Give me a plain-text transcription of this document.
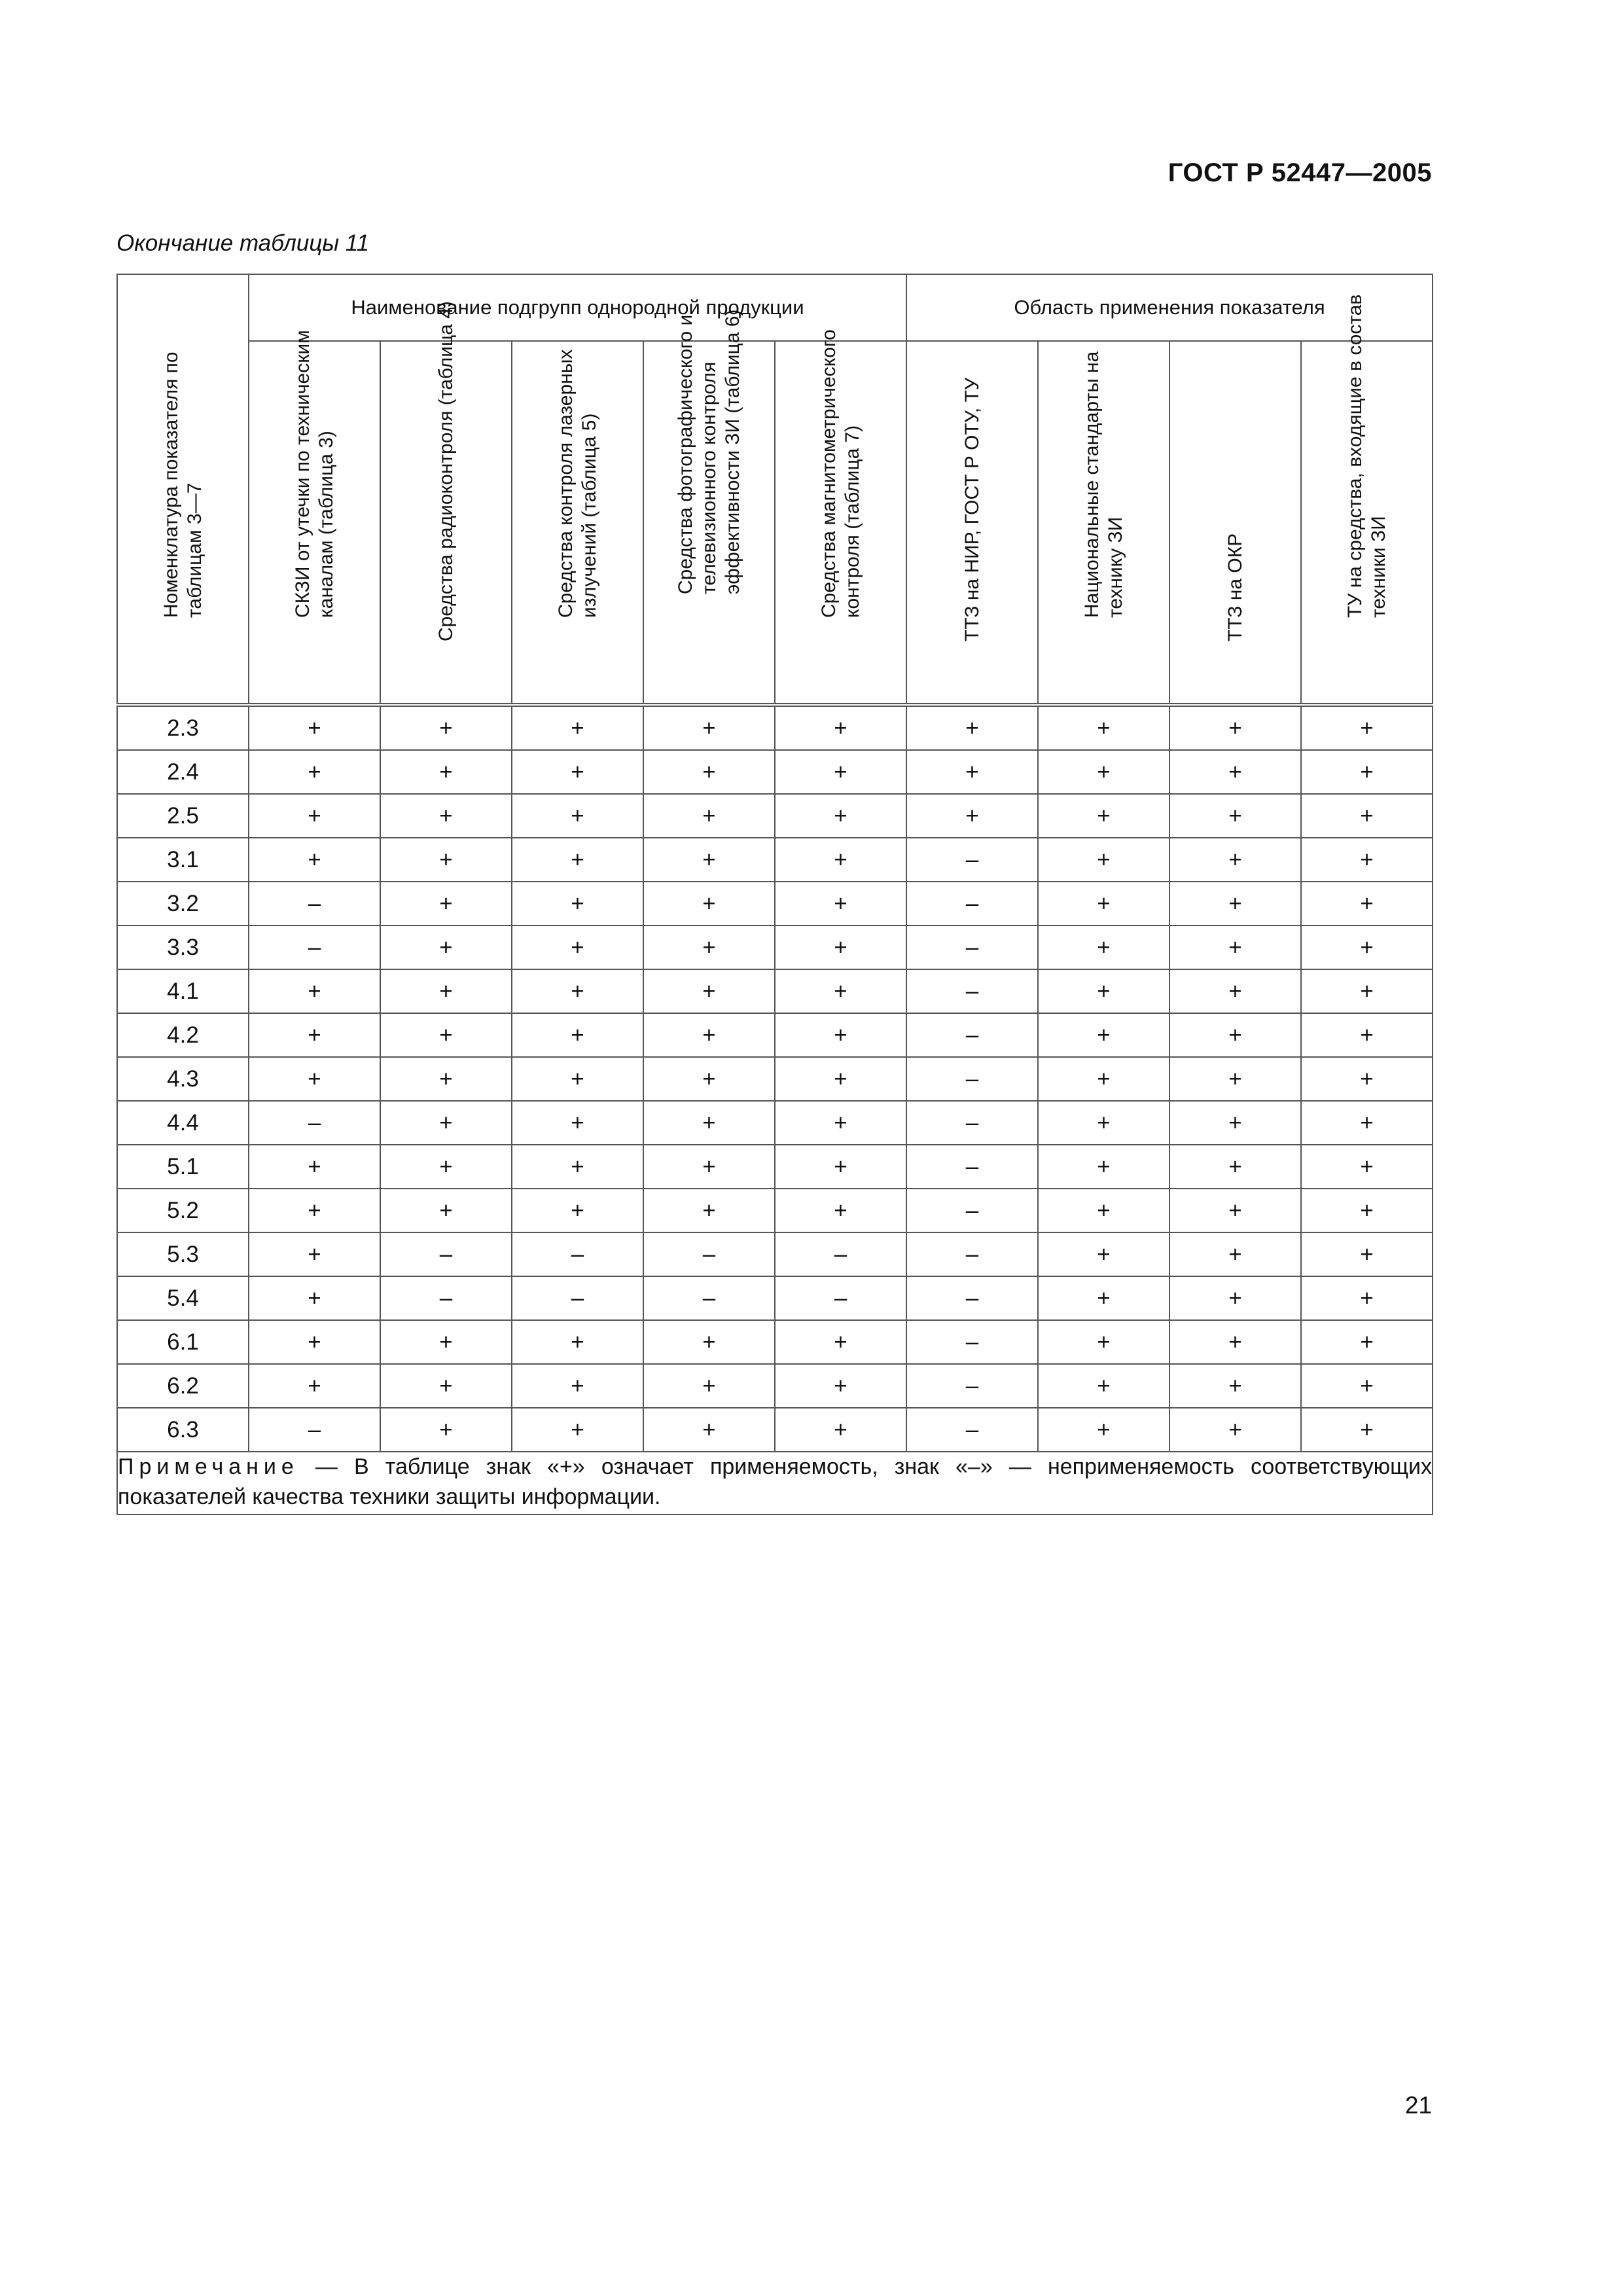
ГОСТ Р 52447—2005
Окончание таблицы 11
Номенклатура показателя по таблицам 3—7	Наименование подгрупп однородной продукции					Область применения показателя			

	СКЗИ от утечки по техническим каналам (таблица 3)	Средства радиоконтроля (таблица 4)	Средства контроля лазерных излучений (таблица 5)	Средства фотографического и телевизионного контроля эффективности ЗИ (таблица 6)	Средства магнитометрического контроля (таблица 7)	ТТЗ на НИР, ГОСТ Р ОТУ, ТУ	Национальные стандарты на технику ЗИ	ТТЗ на ОКР	ТУ на средства, входящие в состав техники ЗИ

2.3	+	+	+	+	+	+	+	+	+
2.4	+	+	+	+	+	+	+	+	+
2.5	+	+	+	+	+	+	+	+	+
3.1	+	+	+	+	+	–	+	+	+
3.2	–	+	+	+	+	–	+	+	+
3.3	–	+	+	+	+	–	+	+	+
4.1	+	+	+	+	+	–	+	+	+
4.2	+	+	+	+	+	–	+	+	+
4.3	+	+	+	+	+	–	+	+	+
4.4	–	+	+	+	+	–	+	+	+
5.1	+	+	+	+	+	–	+	+	+
5.2	+	+	+	+	+	–	+	+	+
5.3	+	–	–	–	–	–	+	+	+
5.4	+	–	–	–	–	–	+	+	+
6.1	+	+	+	+	+	–	+	+	+
6.2	+	+	+	+	+	–	+	+	+
6.3	–	+	+	+	+	–	+	+	+
Примечание — В таблице знак «+» означает применяемость, знак «–» — неприменяемость соответствующих показателей качества техники защиты информации.									
21
